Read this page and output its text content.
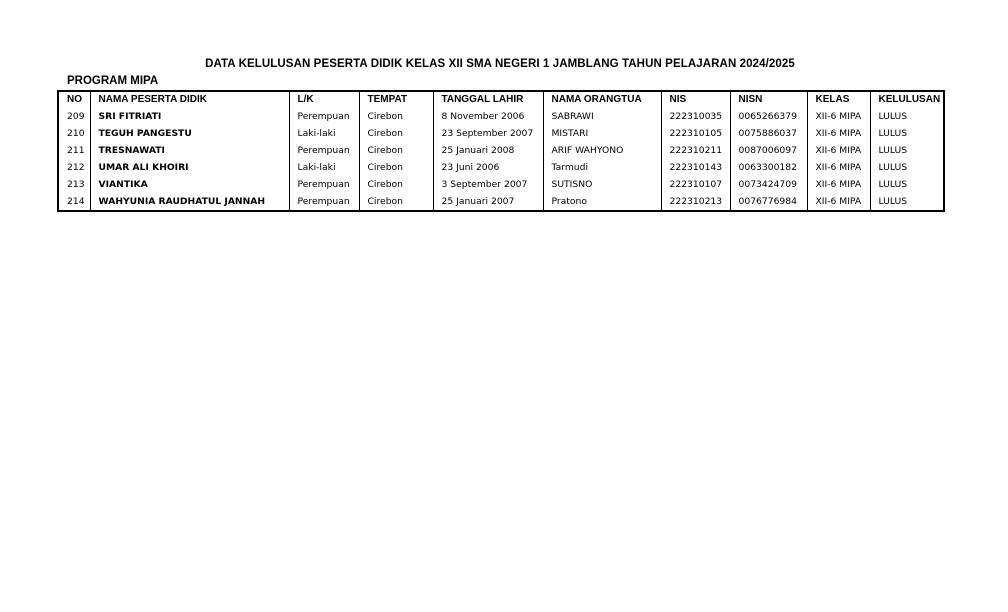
DATA KELULUSAN PESERTA DIDIK KELAS XII SMA NEGERI 1 JAMBLANG TAHUN PELAJARAN 2024/2025
PROGRAM MIPA
NO	NAMA PESERTA DIDIK	L/K	TEMPAT	TANGGAL LAHIR	NAMA ORANGTUA	NIS	NISN	KELAS	KELULUSAN
209	SRI FITRIATI	Perempuan	Cirebon	8 November 2006	SABRAWI	222310035	0065266379	XII-6 MIPA	LULUS
210	TEGUH PANGESTU	Laki-laki	Cirebon	23 September 2007	MISTARI	222310105	0075886037	XII-6 MIPA	LULUS
211	TRESNAWATI	Perempuan	Cirebon	25 Januari 2008	ARIF WAHYONO	222310211	0087006097	XII-6 MIPA	LULUS
212	UMAR ALI KHOIRI	Laki-laki	Cirebon	23 Juni 2006	Tarmudi	222310143	0063300182	XII-6 MIPA	LULUS
213	VIANTIKA	Perempuan	Cirebon	3 September 2007	SUTISNO	222310107	0073424709	XII-6 MIPA	LULUS
214	WAHYUNIA RAUDHATUL JANNAH	Perempuan	Cirebon	25 Januari 2007	Pratono	222310213	0076776984	XII-6 MIPA	LULUS
